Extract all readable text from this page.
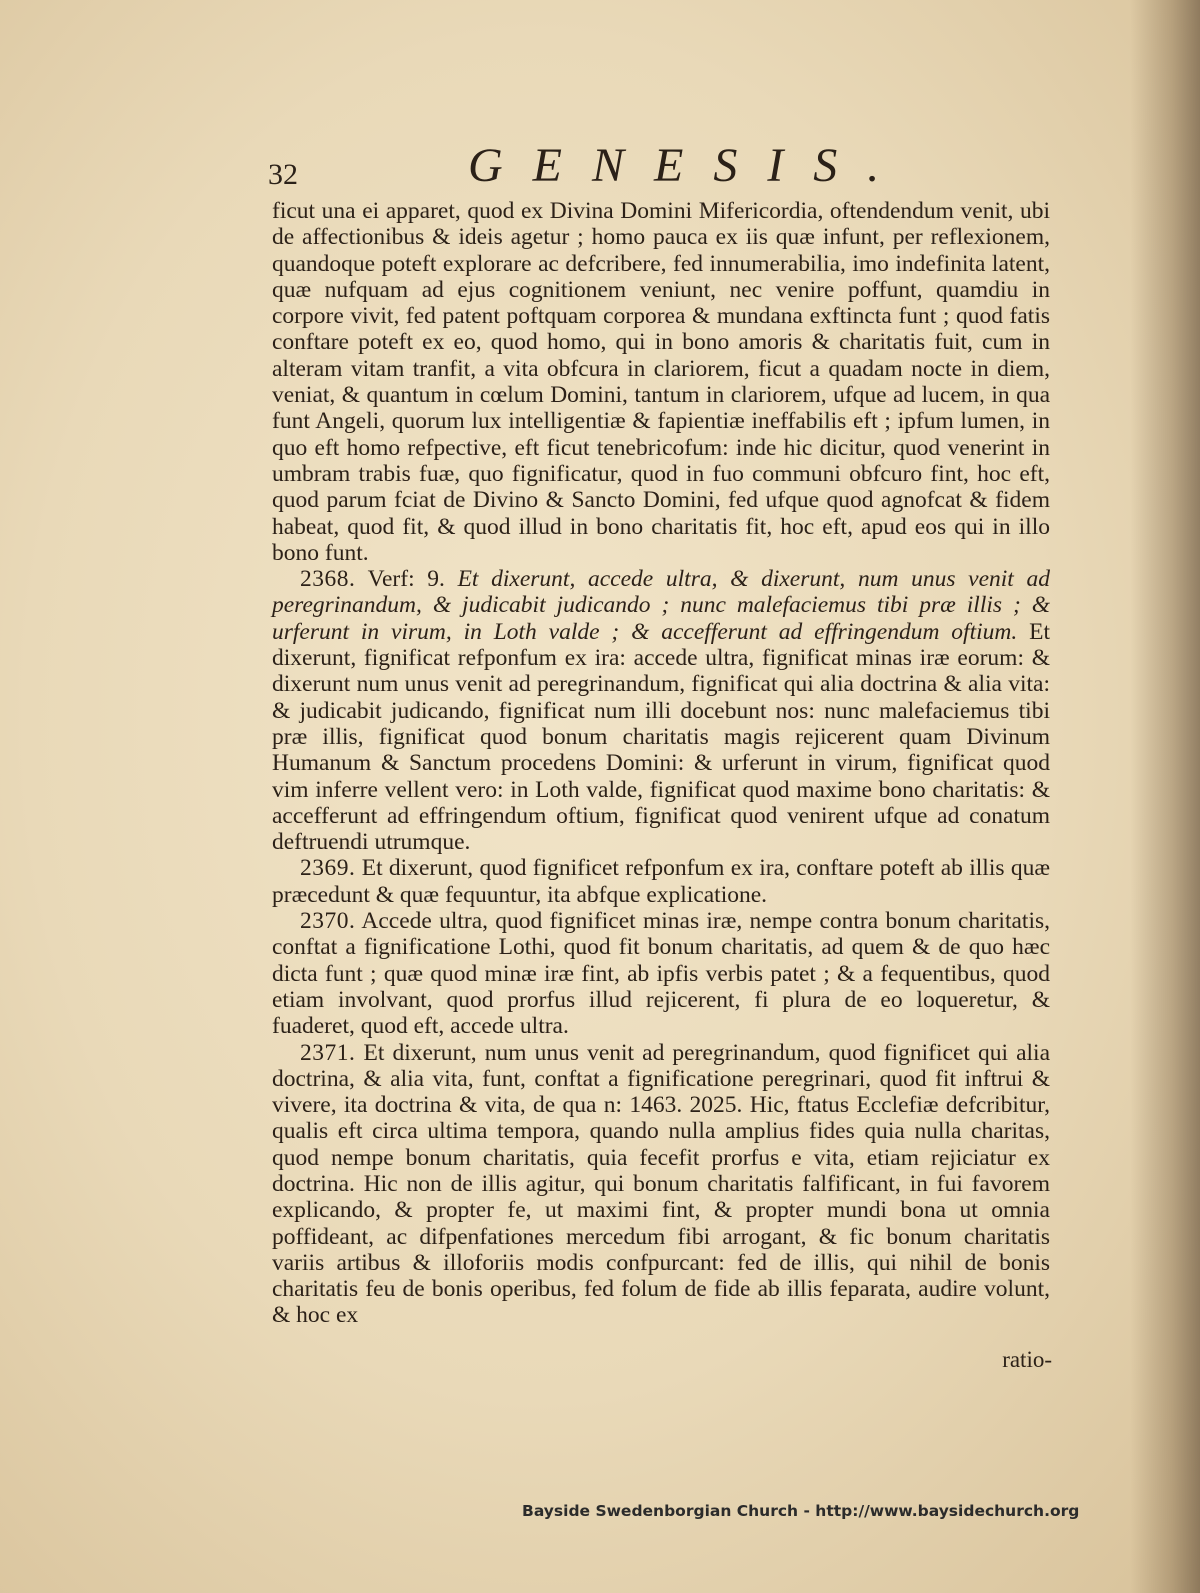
32	GENESIS.

ficut una ei apparet, quod ex Divina Domini Mifericordia, oftendendum venit, ubi de affectionibus & ideis agetur ; homo pauca ex iis quæ infunt, per reflexionem, quandoque poteft explorare ac defcribere, fed innumerabilia, imo indefinita latent, quæ nufquam ad ejus cognitionem veniunt, nec venire poffunt, quamdiu in corpore vivit, fed patent poftquam corporea & mundana exftincta funt ; quod fatis conftare poteft ex eo, quod homo, qui in bono amoris & charitatis fuit, cum in alteram vitam tranfit, a vita obfcura in clariorem, ficut a quadam nocte in diem, veniat, & quantum in cœlum Domini, tantum in clariorem, ufque ad lucem, in qua funt Angeli, quorum lux intelligentiæ & fapientiæ ineffabilis eft ; ipfum lumen, in quo eft homo refpective, eft ficut tenebricofum: inde hic dicitur, quod venerint in umbram trabis fuæ, quo fignificatur, quod in fuo communi obfcuro fint, hoc eft, quod parum fciat de Divino & Sancto Domini, fed ufque quod agnofcat & fidem habeat, quod fit, & quod illud in bono charitatis fit, hoc eft, apud eos qui in illo bono funt.

2368. Verf: 9. Et dixerunt, accede ultra, & dixerunt, num unus venit ad peregrinandum, & judicabit judicando ; nunc malefaciemus tibi præ illis ; & urferunt in virum, in Loth valde ; & accefferunt ad effringendum oftium. Et dixerunt, fignificat refponfum ex ira: accede ultra, fignificat minas iræ eorum: & dixerunt num unus venit ad peregrinandum, fignificat qui alia doctrina & alia vita: & judicabit judicando, fignificat num illi docebunt nos: nunc malefaciemus tibi præ illis, fignificat quod bonum charitatis magis rejicerent quam Divinum Humanum & Sanctum procedens Domini: & urferunt in virum, fignificat quod vim inferre vellent vero: in Loth valde, fignificat quod maxime bono charitatis: & accefferunt ad effringendum oftium, fignificat quod venirent ufque ad conatum deftruendi utrumque.

2369. Et dixerunt, quod fignificet refponfum ex ira, conftare poteft ab illis quæ præcedunt & quæ fequuntur, ita abfque explicatione.

2370. Accede ultra, quod fignificet minas iræ, nempe contra bonum charitatis, conftat a fignificatione Lothi, quod fit bonum charitatis, ad quem & de quo hæc dicta funt ; quæ quod minæ iræ fint, ab ipfis verbis patet ; & a fequentibus, quod etiam involvant, quod prorfus illud rejicerent, fi plura de eo loqueretur, & fuaderet, quod eft, accede ultra.

2371. Et dixerunt, num unus venit ad peregrinandum, quod fignificet qui alia doctrina, & alia vita, funt, conftat a fignificatione peregrinari, quod fit inftrui & vivere, ita doctrina & vita, de qua n: 1463. 2025. Hic, ftatus Ecclefiæ defcribitur, qualis eft circa ultima tempora, quando nulla amplius fides quia nulla charitas, quod nempe bonum charitatis, quia fecefit prorfus e vita, etiam rejiciatur ex doctrina. Hic non de illis agitur, qui bonum charitatis falfificant, in fui favorem explicando, & propter fe, ut maximi fint, & propter mundi bona ut omnia poffideant, ac difpenfationes mercedum fibi arrogant, & fic bonum charitatis variis artibus & illoforiis modis confpurcant: fed de illis, qui nihil de bonis charitatis feu de bonis operibus, fed folum de fide ab illis feparata, audire volunt, & hoc ex

ratio-
Bayside Swedenborgian Church - http://www.baysidechurch.org
